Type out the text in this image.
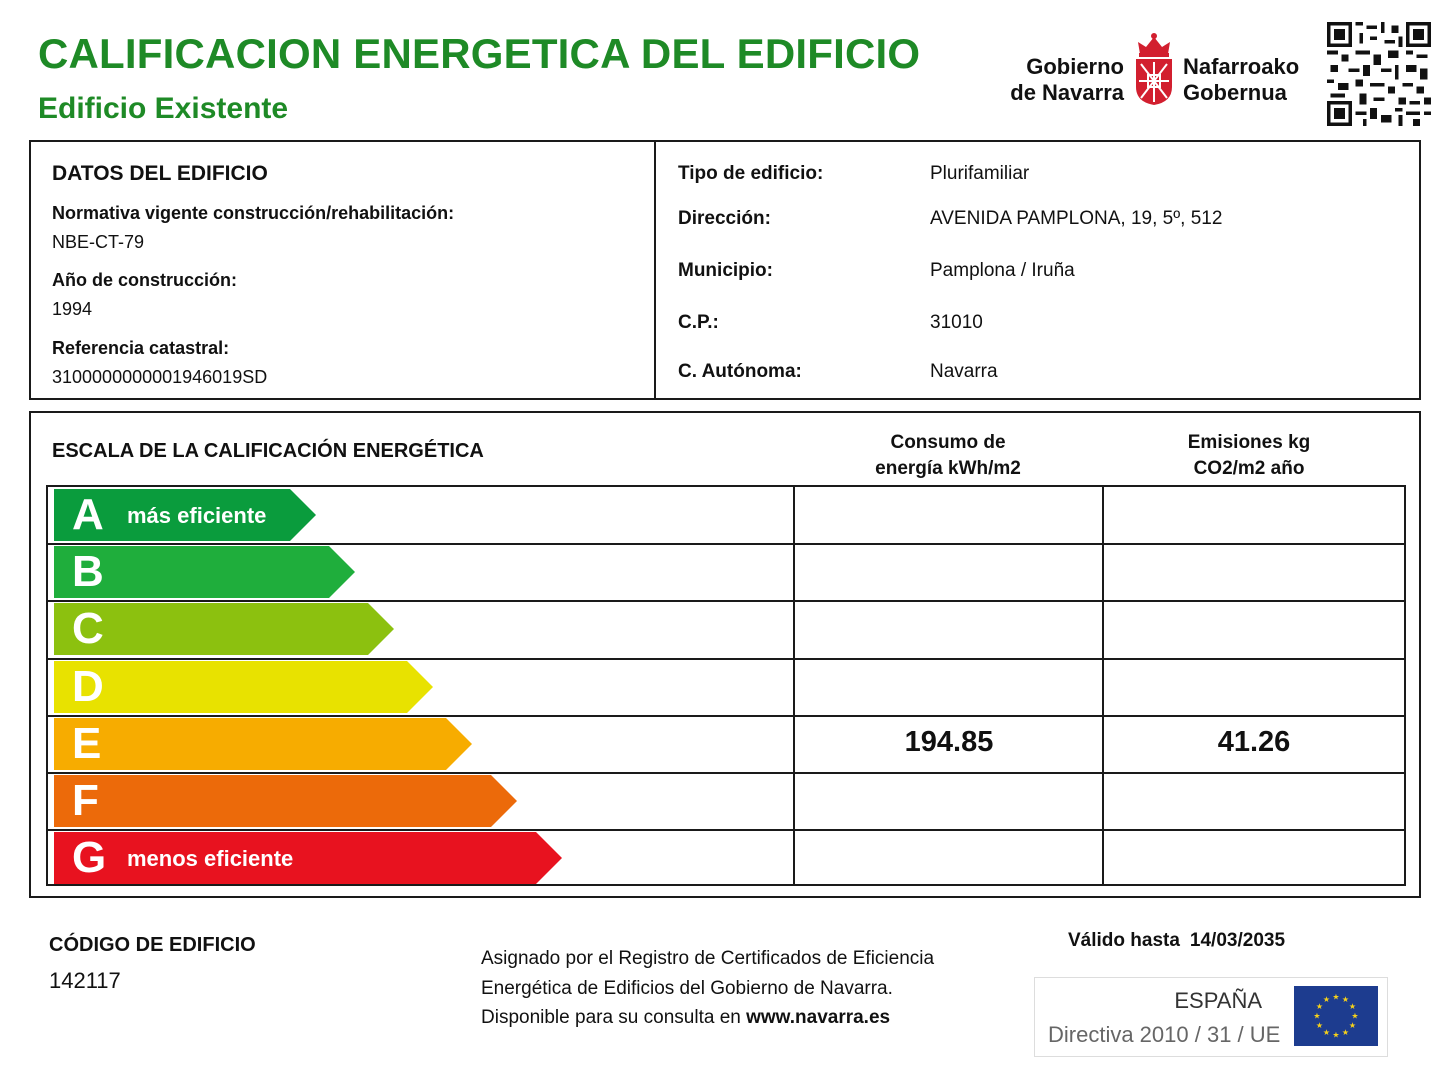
CALIFICACION ENERGETICA DEL EDIFICIO
Edificio Existente
Gobierno
de Navarra
Nafarroako
Gobernua
DATOS DEL EDIFICIO
Normativa vigente construcción/rehabilitación:
NBE-CT-79
Año de construcción:
1994
Referencia catastral:
3100000000001946019SD
Tipo de edificio:	Plurifamiliar
Dirección:	AVENIDA PAMPLONA, 19, 5º, 512
Municipio:	Pamplona / Iruña
C.P.:	31010
C. Autónoma:	Navarra
ESCALA DE LA CALIFICACIÓN ENERGÉTICA	Consumo de
energía kWh/m2
Emisiones kg
CO2/m2 año
A más eficiente
B
C
D
E	194.85	41.26
F
G menos eficiente
CÓDIGO DE EDIFICIO
142117
Asignado por el Registro de Certificados de Eficiencia
Energética de Edificios del Gobierno de Navarra.
Disponible para su consulta en www.navarra.es
Válido hasta 14/03/2035
ESPAÑA
Directiva 2010 / 31 / UE
★
★
★
★
★
★
★
★
★ ★ ★
★
